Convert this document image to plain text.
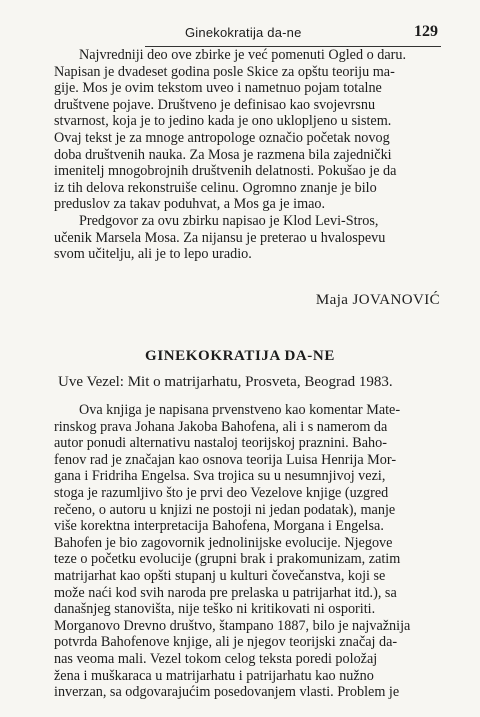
Ginekokratija da-ne	129
Najvredniji deo ove zbirke je već pomenuti Ogled o daru.
Napisan je dvadeset godina posle Skice za opštu teoriju ma-
gije. Mos je ovim tekstom uveo i nametnuo pojam totalne
društvene pojave. Društveno je definisao kao svojevrsnu
stvarnost, koja je to jedino kada je ono uklopljeno u sistem.
Ovaj tekst je za mnoge antropologe označio početak novog
doba društvenih nauka. Za Mosa je razmena bila zajednički
imenitelj mnogobrojnih društvenih delatnosti. Pokušao je da
iz tih delova rekonstruiše celinu. Ogromno znanje je bilo
preduslov za takav poduhvat, a Mos ga je imao.
Predgovor za ovu zbirku napisao je Klod Levi-Stros,
učenik Marsela Mosa. Za nijansu je preterao u hvalospevu
svom učitelju, ali je to lepo uradio.
Maja JOVANOVIĆ
GINEKOKRATIJA DA-NE
Uve Vezel: Mit o matrijarhatu, Prosveta, Beograd 1983.
Ova knjiga je napisana prvenstveno kao komentar Mate-
rinskog prava Johana Jakoba Bahofena, ali i s namerom da
autor ponudi alternativu nastaloj teorijskoj praznini. Baho-
fenov rad je značajan kao osnova teorija Luisa Henrija Mor-
gana i Fridriha Engelsa. Sva trojica su u nesumnjivoj vezi,
stoga je razumljivo što je prvi deo Vezelove knjige (uzgred
rečeno, o autoru u knjizi ne postoji ni jedan podatak), manje
više korektna interpretacija Bahofena, Morgana i Engelsa.
Bahofen je bio zagovornik jednolinijske evolucije. Njegove
teze o početku evolucije (grupni brak i prakomunizam, zatim
matrijarhat kao opšti stupanj u kulturi čovečanstva, koji se
može naći kod svih naroda pre prelaska u patrijarhat itd.), sa
današnjeg stanovišta, nije teško ni kritikovati ni osporiti.
Morganovo Drevno društvo, štampano 1887, bilo je najvažnija
potvrda Bahofenove knjige, ali je njegov teorijski značaj da-
nas veoma mali. Vezel tokom celog teksta poredi položaj
žena i muškaraca u matrijarhatu i patrijarhatu kao nužno
inverzan, sa odgovarajućim posedovanjem vlasti. Problem je
